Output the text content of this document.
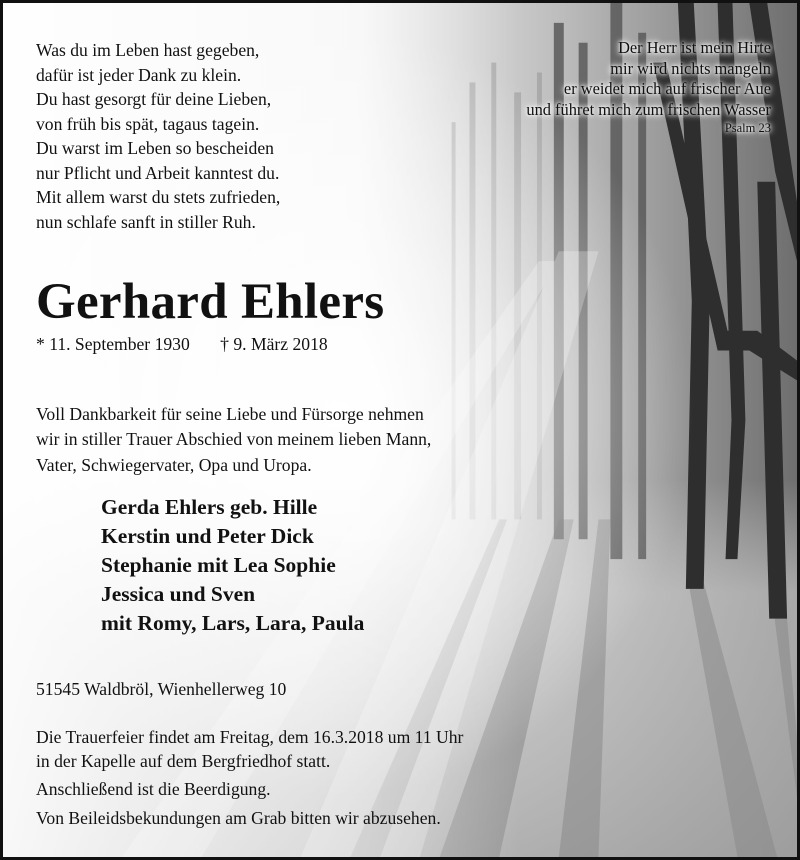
Was du im Leben hast gegeben,
dafür ist jeder Dank zu klein.
Du hast gesorgt für deine Lieben,
von früh bis spät, tagaus tagein.
Du warst im Leben so bescheiden
nur Pflicht und Arbeit kanntest du.
Mit allem warst du stets zufrieden,
nun schlafe sanft in stiller Ruh.

Der Herr ist mein Hirte
mir wird nichts mangeln
er weidet mich auf frischer Aue
und führet mich zum frischen Wasser
Psalm 23
Gerhard Ehlers
* 11. September 1930 † 9. März 2018

Voll Dankbarkeit für seine Liebe und Fürsorge nehmen
wir in stiller Trauer Abschied von meinem lieben Mann,
Vater, Schwiegervater, Opa und Uropa.

Gerda Ehlers geb. Hille
Kerstin und Peter Dick
Stephanie mit Lea Sophie
Jessica und Sven
mit Romy, Lars, Lara, Paula

51545 Waldbröl, Wienhellerweg 10
Die Trauerfeier findet am Freitag, dem 16.3.2018 um 11 Uhr
in der Kapelle auf dem Bergfriedhof statt.
Anschließend ist die Beerdigung.
Von Beileidsbekundungen am Grab bitten wir abzusehen.
